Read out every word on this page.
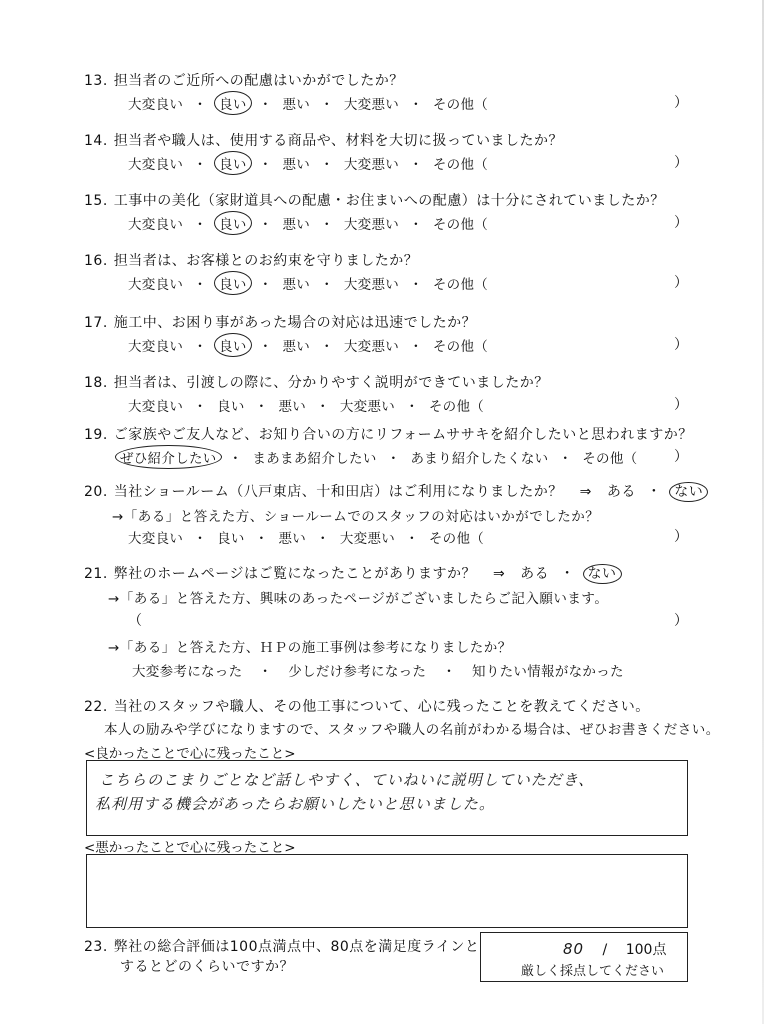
13. 担当者のご近所への配慮はいかがでしたか？
大変良い ・ 良い ・ 悪い ・ 大変悪い ・ その他（	）
14. 担当者や職人は、使用する商品や、材料を大切に扱っていましたか？
大変良い ・ 良い ・ 悪い ・ 大変悪い ・ その他（	）
15. 工事中の美化（家財道具への配慮・お住まいへの配慮）は十分にされていましたか？
大変良い ・ 良い ・ 悪い ・ 大変悪い ・ その他（	）
16. 担当者は、お客様とのお約束を守りましたか？
大変良い ・ 良い ・ 悪い ・ 大変悪い ・ その他（	）
17. 施工中、お困り事があった場合の対応は迅速でしたか？
大変良い ・ 良い ・ 悪い ・ 大変悪い ・ その他（	）
18. 担当者は、引渡しの際に、分かりやすく説明ができていましたか？
大変良い ・ 良い ・ 悪い ・ 大変悪い ・ その他（	）
19. ご家族やご友人など、お知り合いの方にリフォームササキを紹介したいと思われますか？
ぜひ紹介したい ・ まあまあ紹介したい ・ あまり紹介したくない ・ その他（	）
20. 当社ショールーム（八戸東店、十和田店）はご利用になりましたか？ ⇒ ある ・ ない
→「ある」と答えた方、ショールームでのスタッフの対応はいかがでしたか？
大変良い ・ 良い ・ 悪い ・ 大変悪い ・ その他（	）
21. 弊社のホームページはご覧になったことがありますか？ ⇒ ある ・ ない
→「ある」と答えた方、興味のあったページがございましたらご記入願います。
（	）
→「ある」と答えた方、ＨＰの施工事例は参考になりましたか？
大変参考になった ・ 少しだけ参考になった ・ 知りたい情報がなかった
22. 当社のスタッフや職人、その他工事について、心に残ったことを教えてください。
本人の励みや学びになりますので、スタッフや職人の名前がわかる場合は、ぜひお書きください。
<良かったことで心に残ったこと>
こちらのこまりごとなど話しやすく、ていねいに説明していただき、
私利用する機会があったらお願いしたいと思いました。
<悪かったことで心に残ったこと>
23. 弊社の総合評価は100点満点中、80点を満足度ラインと
するとどのくらいですか？
80 / 100点
厳しく採点してください
